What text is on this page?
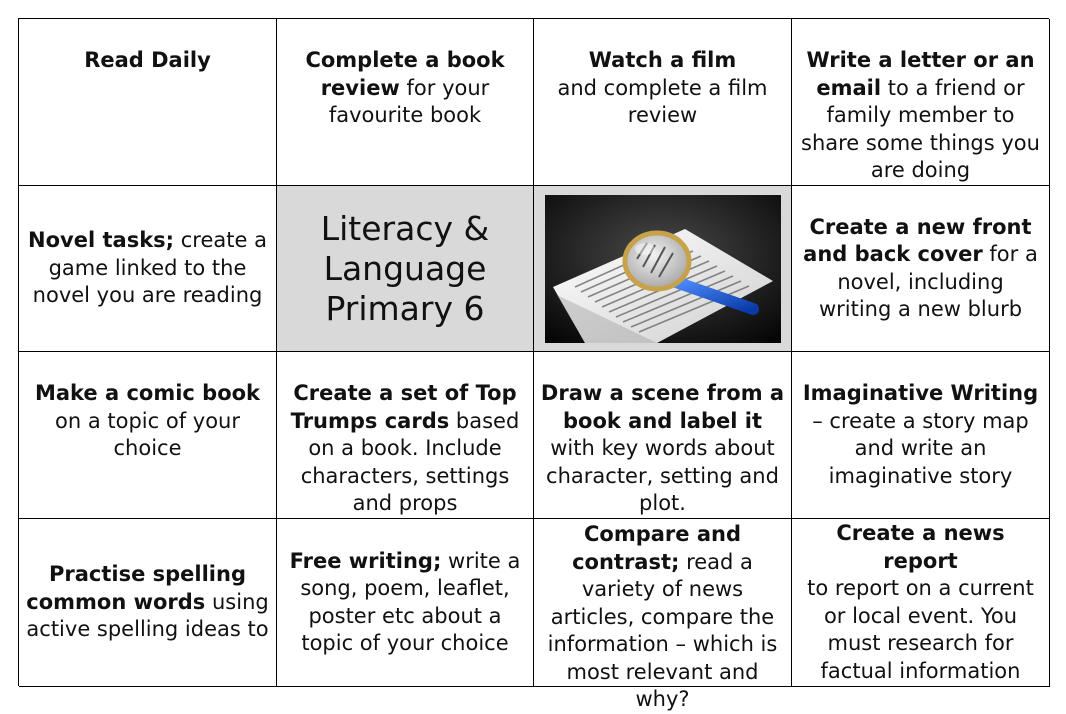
Read Daily	Complete a book review for your favourite book

Watch a film
and complete a film review

Write a letter or an email to a friend or family member to share some things you are doing

Novel tasks; create a game linked to the novel you are reading

Literacy &
Language
Primary 6

Create a new front and back cover for a novel, including writing a new blurb

Make a comic book on a topic of your choice

Create a set of Top Trumps cards based on a book. Include characters, settings and props

Draw a scene from a book and label it with key words about character, setting and plot.

Imaginative Writing – create a story map and write an imaginative story

Practise spelling common words using active spelling ideas to

Free writing; write a song, poem, leaflet, poster etc about a topic of your choice

Compare and contrast; read a variety of news articles, compare the information – which is most relevant and why?

Create a news report
to report on a current or local event. You must research for factual information
